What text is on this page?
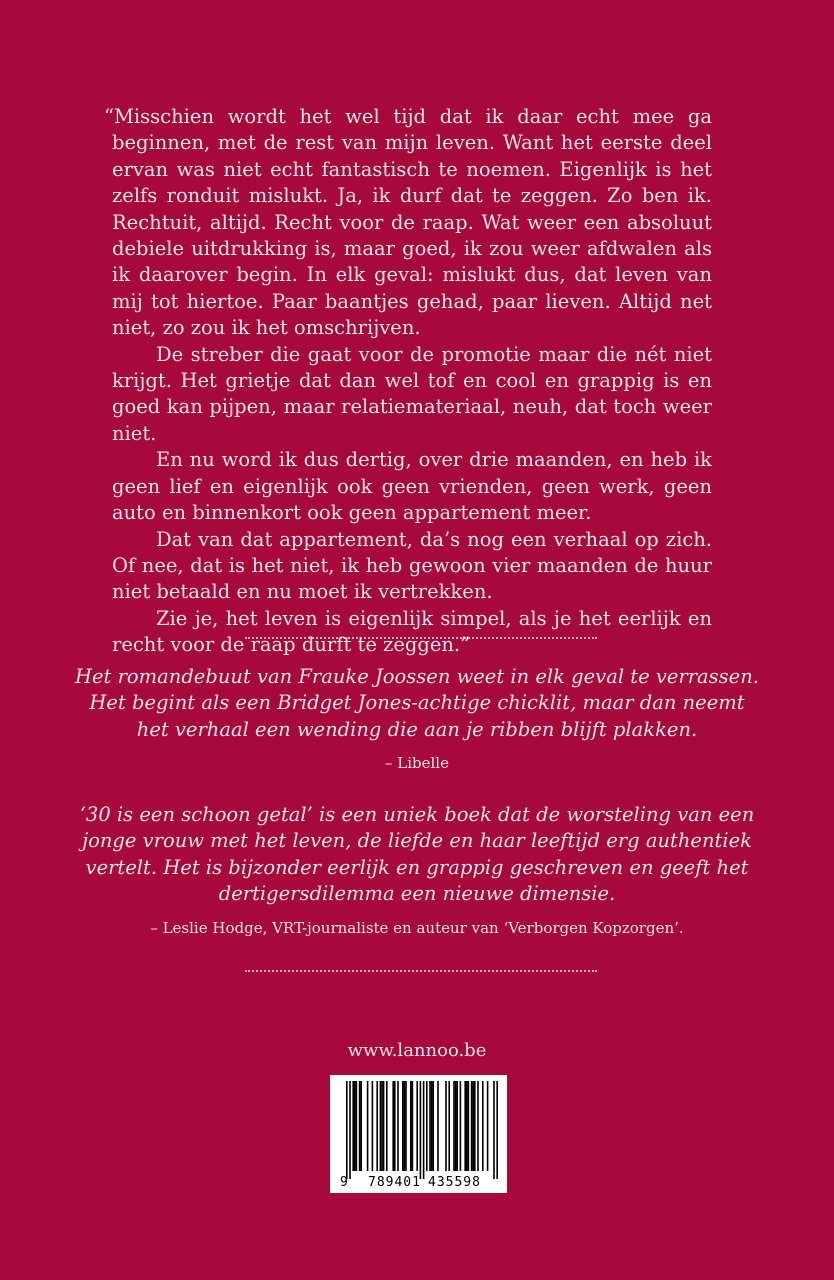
“Misschien wordt het wel tijd dat ik daar echt mee ga beginnen, met de rest van mijn leven. Want het eerste deel ervan was niet echt fantastisch te noemen. Eigenlijk is het zelfs ronduit mislukt. Ja, ik durf dat te zeggen. Zo ben ik. Rechtuit, altijd. Recht voor de raap. Wat weer een absoluut debiele uitdrukking is, maar goed, ik zou weer afdwalen als ik daarover begin. In elk geval: mislukt dus, dat leven van mij tot hiertoe. Paar baantjes gehad, paar lieven. Altijd net niet, zo zou ik het omschrijven.

De streber die gaat voor de promotie maar die nét niet krijgt. Het grietje dat dan wel tof en cool en grappig is en goed kan pijpen, maar relatiemateriaal, neuh, dat toch weer niet.

En nu word ik dus dertig, over drie maanden, en heb ik geen lief en eigenlijk ook geen vrienden, geen werk, geen auto en binnenkort ook geen appartement meer.

Dat van dat appartement, da’s nog een verhaal op zich. Of nee, dat is het niet, ik heb gewoon vier maanden de huur niet betaald en nu moet ik vertrekken.

Zie je, het leven is eigenlijk simpel, als je het eerlijk en recht voor de raap durft te zeggen.”

Het romandebuut van Frauke Joossen weet in elk geval te verrassen.
Het begint als een Bridget Jones-achtige chicklit, maar dan neemt
het verhaal een wending die aan je ribben blijft plakken.

– Libelle

‘30 is een schoon getal’ is een uniek boek dat de worsteling van een
jonge vrouw met het leven, de liefde en haar leeftijd erg authentiek
vertelt. Het is bijzonder eerlijk en grappig geschreven en geeft het
dertigersdilemma een nieuwe dimensie.

– Leslie Hodge, VRT-journaliste en auteur van ‘Verborgen Kopzorgen’.

www.lannoo.be
9 789401 435598
